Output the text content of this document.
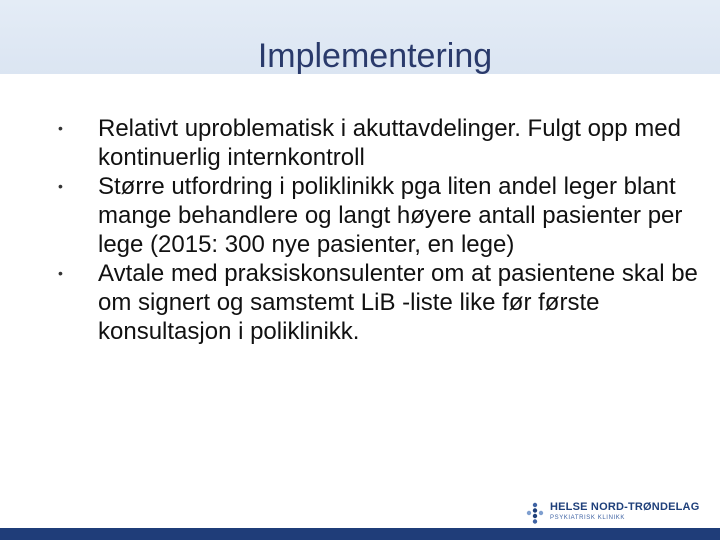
Implementering
• Relativt uproblematisk i akuttavdelinger. Fulgt opp med kontinuerlig internkontroll
• Større utfordring i poliklinikk pga liten andel leger blant mange behandlere og langt høyere antall pasienter per lege (2015: 300 nye pasienter, en lege)
• Avtale med praksiskonsulenter om at pasientene skal be om signert og samstemt LiB -liste like før første konsultasjon i poliklinikk.
HELSE NORD-TRØNDELAG
PSYKIATRISK KLINIKK
